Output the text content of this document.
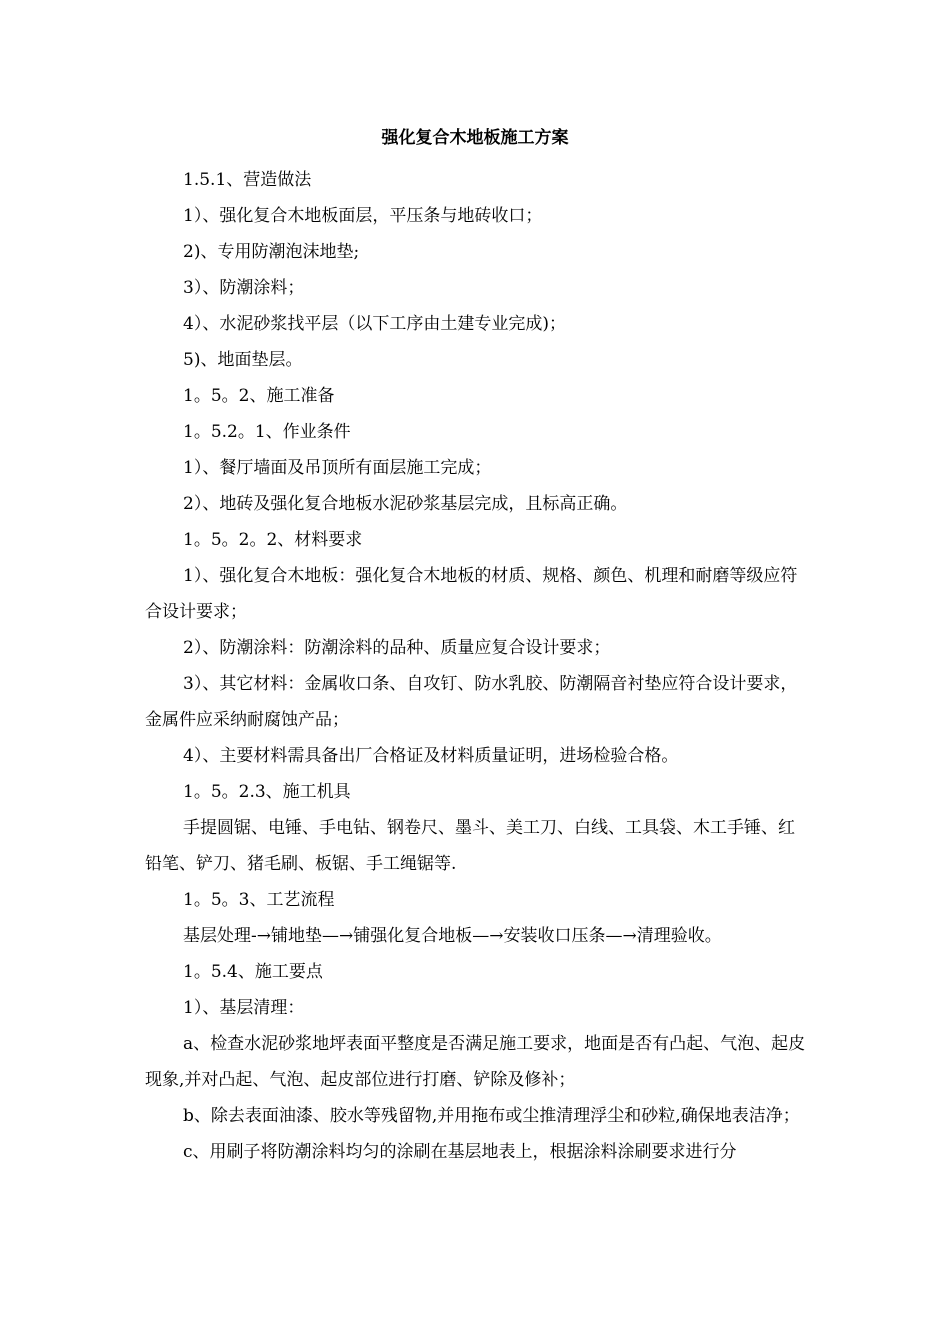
强化复合木地板施工方案

1.5.1、营造做法

1）、强化复合木地板面层，平压条与地砖收口；

2)、专用防潮泡沫地垫;

3）、防潮涂料；

4）、水泥砂浆找平层（以下工序由土建专业完成)；

5)、地面垫层。

1。5。2、施工准备

1。5.2。1、作业条件

1）、餐厅墙面及吊顶所有面层施工完成；

2）、地砖及强化复合地板水泥砂浆基层完成，且标高正确。

1。5。2。2、材料要求

1）、强化复合木地板：强化复合木地板的材质、规格、颜色、机理和耐磨等级应符合设计要求；

2）、防潮涂料：防潮涂料的品种、质量应复合设计要求；

3）、其它材料：金属收口条、自攻钉、防水乳胶、防潮隔音衬垫应符合设计要求，金属件应采纳耐腐蚀产品；

4）、主要材料需具备出厂合格证及材料质量证明，进场检验合格。

1。5。2.3、施工机具

手提圆锯、电锤、手电钻、钢卷尺、墨斗、美工刀、白线、工具袋、木工手锤、红铅笔、铲刀、猪毛刷、板锯、手工绳锯等.

1。5。3、工艺流程

基层处理-→铺地垫—→铺强化复合地板—→安装收口压条—→清理验收。

1。5.4、施工要点

1）、基层清理：

a、检查水泥砂浆地坪表面平整度是否满足施工要求，地面是否有凸起、气泡、起皮现象,并对凸起、气泡、起皮部位进行打磨、铲除及修补；

b、除去表面油漆、胶水等残留物,并用拖布或尘推清理浮尘和砂粒,确保地表洁净；

c、用刷子将防潮涂料均匀的涂刷在基层地表上，根据涂料涂刷要求进行分
